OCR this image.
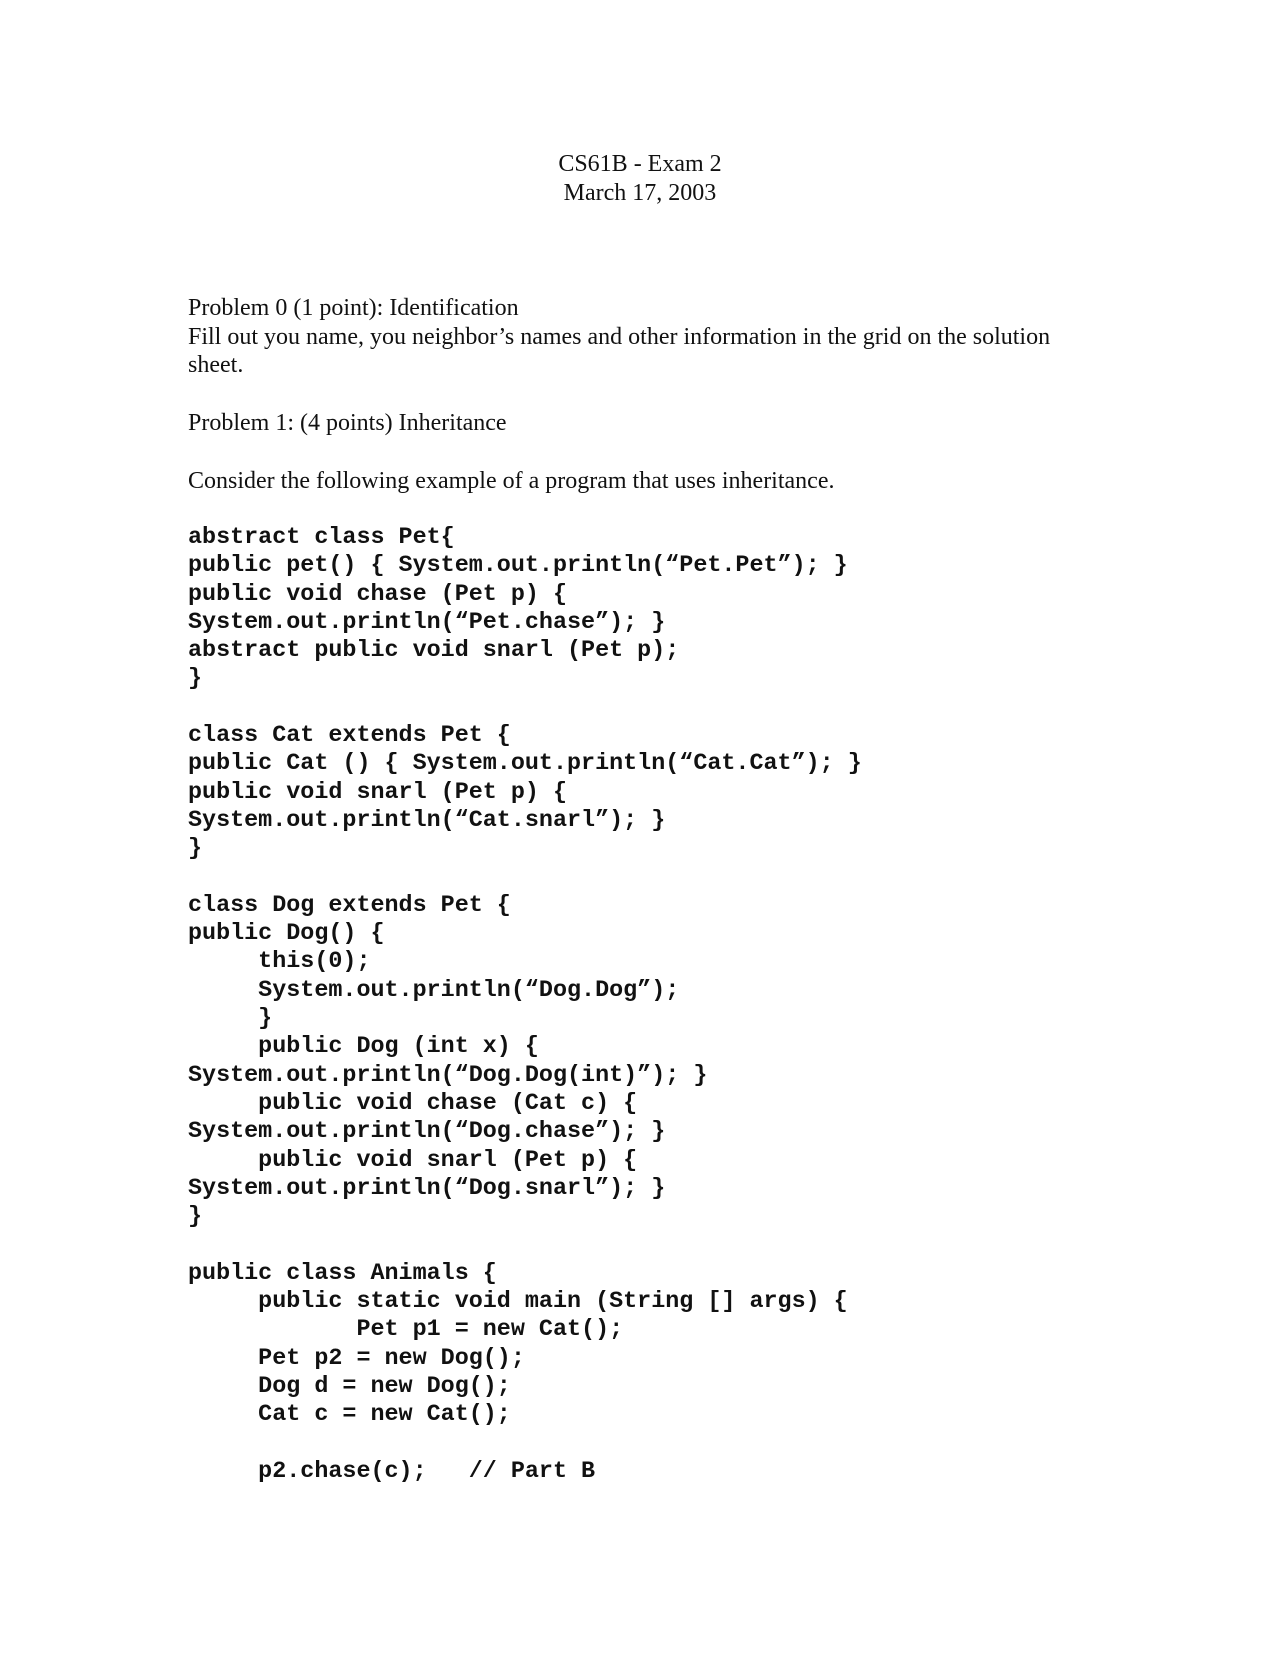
CS61B - Exam 2
March 17, 2003
Problem 0 (1 point): Identification
Fill out you name, you neighbor’s names and other information in the grid on the solution sheet.
Problem 1: (4 points) Inheritance
Consider the following example of a program that uses inheritance.
abstract class Pet{
public pet() { System.out.println(“Pet.Pet”); }
public void chase (Pet p) {
System.out.println(“Pet.chase”); }
abstract public void snarl (Pet p);
}
class Cat extends Pet {
public Cat () { System.out.println(“Cat.Cat”); }
public void snarl (Pet p) {
System.out.println(“Cat.snarl”); }
}
class Dog extends Pet {
public Dog() {
this(0);
System.out.println(“Dog.Dog”);
}
public Dog (int x) {
System.out.println(“Dog.Dog(int)”); }
public void chase (Cat c) {
System.out.println(“Dog.chase”); }
public void snarl (Pet p) {
System.out.println(“Dog.snarl”); }
}
public class Animals {
public static void main (String [] args) {
Pet p1 = new Cat();
Pet p2 = new Dog();
Dog d = new Dog();
Cat c = new Cat();
p2.chase(c);   // Part B
